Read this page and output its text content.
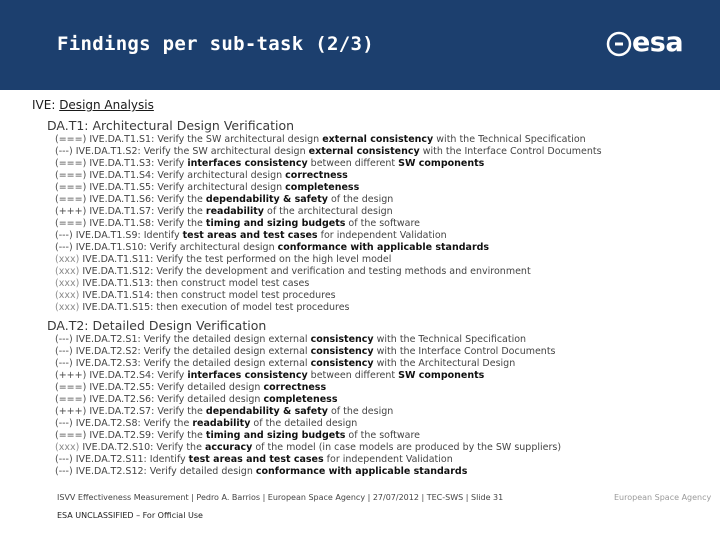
Findings per sub-task (2/3)	esa
IVE: Design Analysis
DA.T1: Architectural Design Verification
(===) IVE.DA.T1.S1: Verify the SW architectural design external consistency with the Technical Specification
(---) IVE.DA.T1.S2: Verify the SW architectural design external consistency with the Interface Control Documents
(===) IVE.DA.T1.S3: Verify interfaces consistency between different SW components
(===) IVE.DA.T1.S4: Verify architectural design correctness
(===) IVE.DA.T1.S5: Verify architectural design completeness
(===) IVE.DA.T1.S6: Verify the dependability & safety of the design
(+++) IVE.DA.T1.S7: Verify the readability of the architectural design
(===) IVE.DA.T1.S8: Verify the timing and sizing budgets of the software
(---) IVE.DA.T1.S9: Identify test areas and test cases for independent Validation
(---) IVE.DA.T1.S10: Verify architectural design conformance with applicable standards
(xxx) IVE.DA.T1.S11: Verify the test performed on the high level model
(xxx) IVE.DA.T1.S12: Verify the development and verification and testing methods and environment
(xxx) IVE.DA.T1.S13: then construct model test cases
(xxx) IVE.DA.T1.S14: then construct model test procedures
(xxx) IVE.DA.T1.S15: then execution of model test procedures
DA.T2: Detailed Design Verification
(---) IVE.DA.T2.S1: Verify the detailed design external consistency with the Technical Specification
(---) IVE.DA.T2.S2: Verify the detailed design external consistency with the Interface Control Documents
(---) IVE.DA.T2.S3: Verify the detailed design external consistency with the Architectural Design
(+++) IVE.DA.T2.S4: Verify interfaces consistency between different SW components
(===) IVE.DA.T2.S5: Verify detailed design correctness
(===) IVE.DA.T2.S6: Verify detailed design completeness
(+++) IVE.DA.T2.S7: Verify the dependability & safety of the design
(---) IVE.DA.T2.S8: Verify the readability of the detailed design
(===) IVE.DA.T2.S9: Verify the timing and sizing budgets of the software
(xxx) IVE.DA.T2.S10: Verify the accuracy of the model (in case models are produced by the SW suppliers)
(---) IVE.DA.T2.S11: Identify test areas and test cases for independent Validation
(---) IVE.DA.T2.S12: Verify detailed design conformance with applicable standards
ISVV Effectiveness Measurement | Pedro A. Barrios | European Space Agency | 27/07/2012 | TEC-SWS | Slide 31	European Space Agency
ESA UNCLASSIFIED – For Official Use
